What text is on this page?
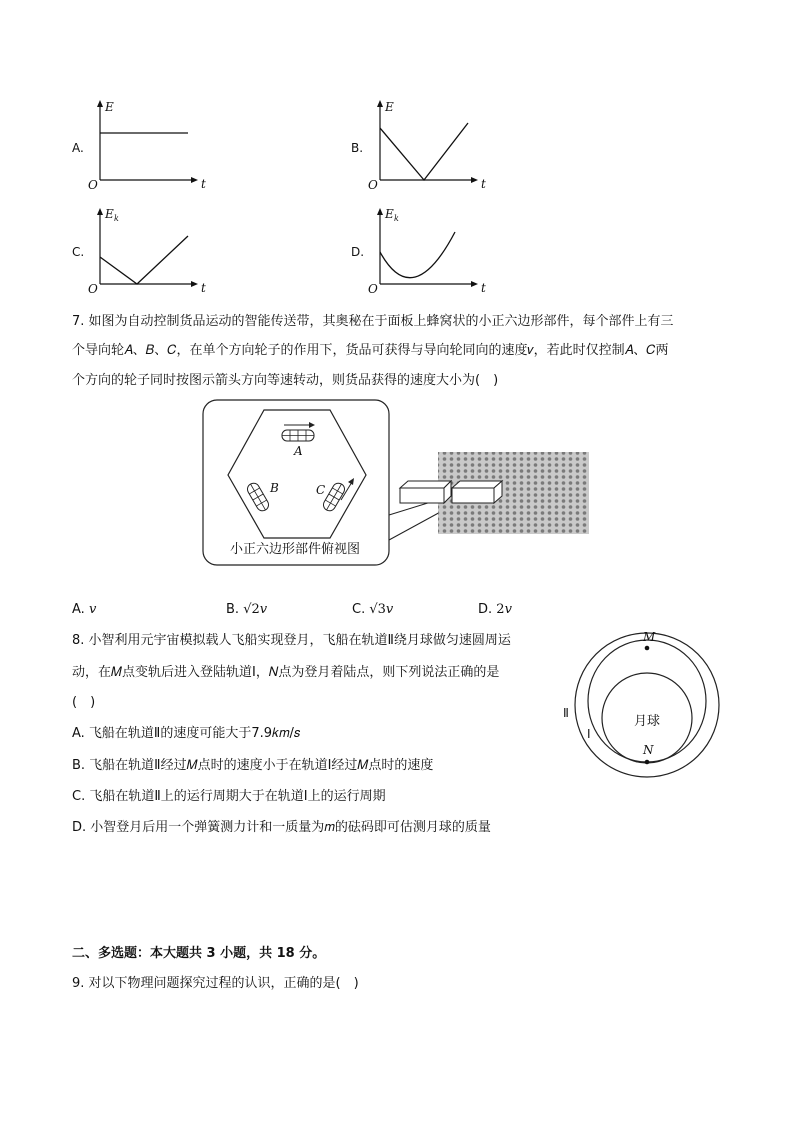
A.
E
O	t
B.
E
O	t
C.
E k
O	t
D.
E k
O	t
7. 如图为自动控制货品运动的智能传送带，其奥秘在于面板上蜂窝状的小正六边形部件，每个部件上有三
个导向轮𝐴、𝐵、𝐶，在单个方向轮子的作用下，货品可获得与导向轮同向的速度𝑣，若此时仅控制𝐴、𝐶两
个方向的轮子同时按图示箭头方向等速转动，则货品获得的速度大小为(　)
A
B	C
小正六边形部件俯视图
A. 𝑣	B. √2𝑣	C. √3𝑣	D. 2𝑣
8. 小智利用元宇宙模拟载人飞船实现登月，飞船在轨道Ⅱ绕月球做匀速圆周运
动，在𝑀点变轨后进入登陆轨道Ⅰ，𝑁点为登月着陆点，则下列说法正确的是
(　)
A. 飞船在轨道Ⅱ的速度可能大于7.9𝑘𝑚/𝑠
B. 飞船在轨道Ⅱ经过𝑀点时的速度小于在轨道Ⅰ经过𝑀点时的速度
C. 飞船在轨道Ⅱ上的运行周期大于在轨道Ⅰ上的运行周期
D. 小智登月后用一个弹簧测力计和一质量为𝑚的砝码即可估测月球的质量
M
N
月球
Ⅱ
Ⅰ
二、多选题：本大题共 3 小题，共 18 分。
9. 对以下物理问题探究过程的认识，正确的是(　)
